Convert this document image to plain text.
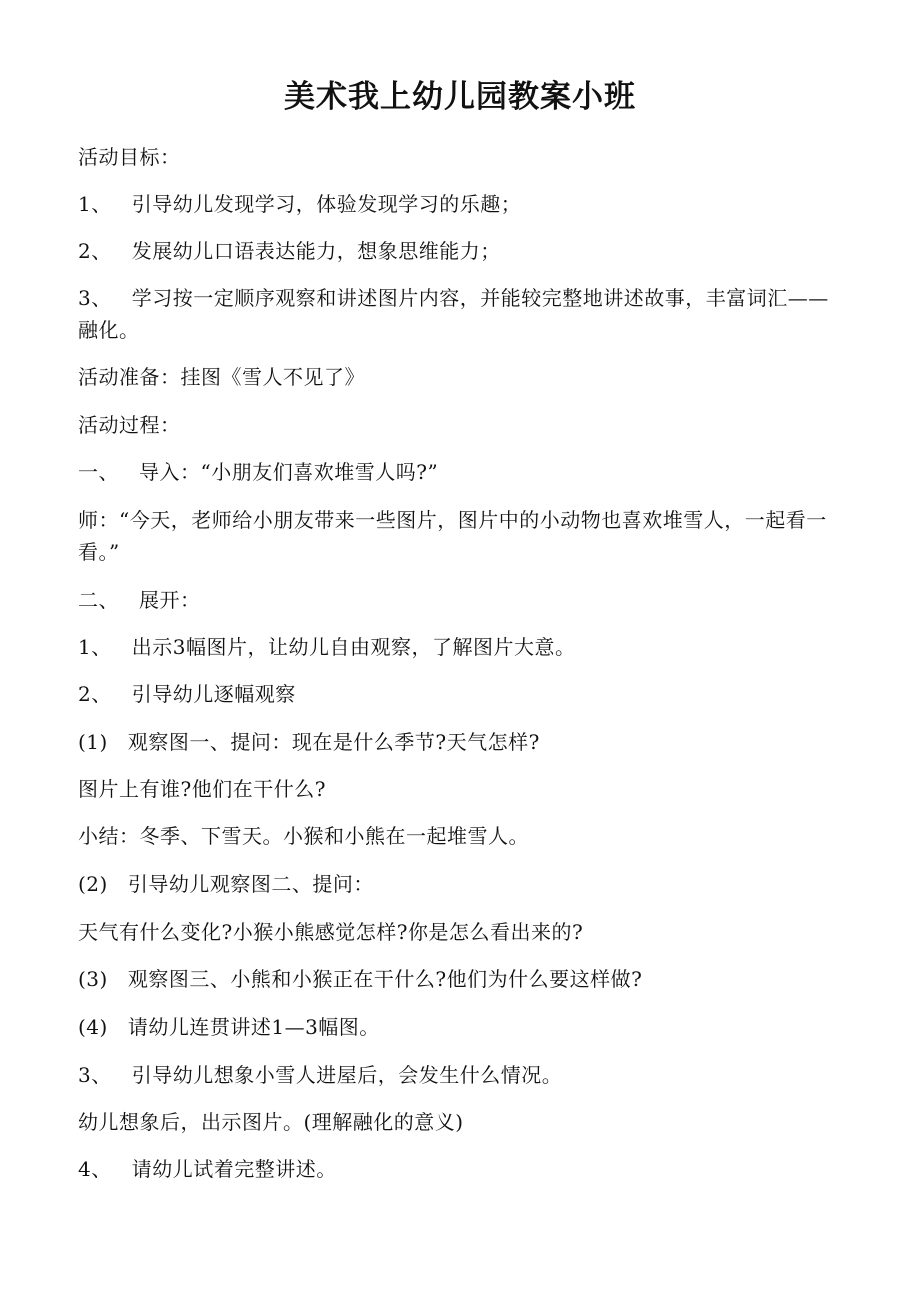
美术我上幼儿园教案小班

活动目标：

1、 引导幼儿发现学习，体验发现学习的乐趣；

2、 发展幼儿口语表达能力，想象思维能力；

3、 学习按一定顺序观察和讲述图片内容，并能较完整地讲述故事，丰富词汇——融化。

活动准备：挂图《雪人不见了》

活动过程：

一、 导入：“小朋友们喜欢堆雪人吗?”

师：“今天，老师给小朋友带来一些图片，图片中的小动物也喜欢堆雪人，一起看一看。”

二、 展开：

1、 出示3幅图片，让幼儿自由观察，了解图片大意。

2、 引导幼儿逐幅观察

(1) 观察图一、提问：现在是什么季节?天气怎样?

图片上有谁?他们在干什么?

小结：冬季、下雪天。小猴和小熊在一起堆雪人。

(2) 引导幼儿观察图二、提问：

天气有什么变化?小猴小熊感觉怎样?你是怎么看出来的?

(3) 观察图三、小熊和小猴正在干什么?他们为什么要这样做?

(4) 请幼儿连贯讲述1—3幅图。

3、 引导幼儿想象小雪人进屋后，会发生什么情况。

幼儿想象后，出示图片。(理解融化的意义)

4、 请幼儿试着完整讲述。
